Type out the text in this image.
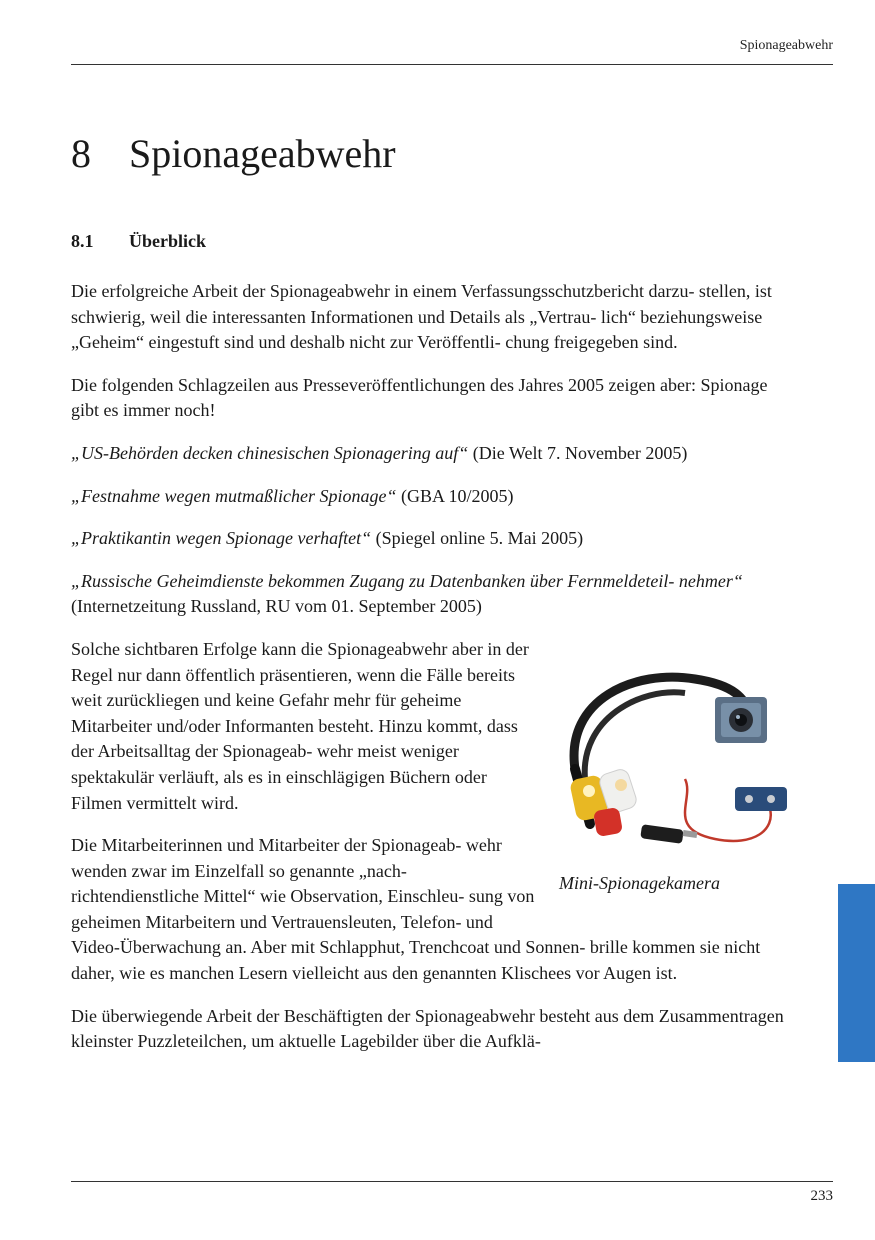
Spionageabwehr
8 Spionageabwehr
8.1 Überblick

Die erfolgreiche Arbeit der Spionageabwehr in einem Verfassungsschutzbericht darzu- stellen, ist schwierig, weil die interessanten Informationen und Details als „Vertrau- lich“ beziehungsweise „Geheim“ eingestuft sind und deshalb nicht zur Veröffentli- chung freigegeben sind.

Die folgenden Schlagzeilen aus Presseveröffentlichungen des Jahres 2005 zeigen aber: Spionage gibt es immer noch!

„US-Behörden decken chinesischen Spionagering auf“ (Die Welt 7. November 2005)

„Festnahme wegen mutmaßlicher Spionage“ (GBA 10/2005)

„Praktikantin wegen Spionage verhaftet“ (Spiegel online 5. Mai 2005)

„Russische Geheimdienste bekommen Zugang zu Datenbanken über Fernmeldeteil- nehmer“ (Internetzeitung Russland, RU vom 01. September 2005)

Mini-Spionagekamera

Solche sichtbaren Erfolge kann die Spionageabwehr aber in der Regel nur dann öffentlich präsentieren, wenn die Fälle bereits weit zurückliegen und keine Gefahr mehr für geheime Mitarbeiter und/oder Informanten besteht. Hinzu kommt, dass der Arbeitsalltag der Spionageab- wehr meist weniger spektakulär verläuft, als es in einschlägigen Büchern oder Filmen vermittelt wird.

Die Mitarbeiterinnen und Mitarbeiter der Spionageab- wehr wenden zwar im Einzelfall so genannte „nach- richtendienstliche Mittel“ wie Observation, Einschleu- sung von geheimen Mitarbeitern und Vertrauensleuten, Telefon- und Video-Überwachung an. Aber mit Schlapphut, Trenchcoat und Sonnen- brille kommen sie nicht daher, wie es manchen Lesern vielleicht aus den genannten Klischees vor Augen ist.

Die überwiegende Arbeit der Beschäftigten der Spionageabwehr besteht aus dem Zusammentragen kleinster Puzzleteilchen, um aktuelle Lagebilder über die Aufklä-

233
